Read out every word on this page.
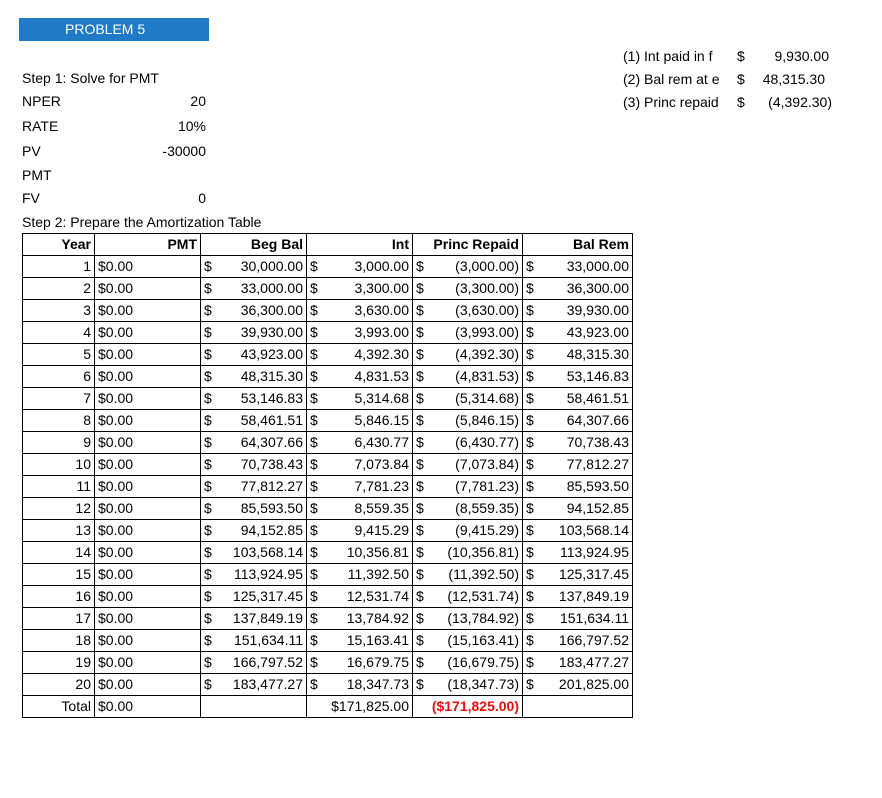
PROBLEM 5
(1) Int paid in f $	9,930.00
(2) Bal rem at e $	48,315.30
(3) Princ repaid $	(4,392.30)
Step 1: Solve for PMT
NPER	20
RATE	10%
PV	-30000
PMT
FV	0
Step 2: Prepare the Amortization Table
Year	PMT	Beg Bal	Int	Princ Repaid	Bal Rem
1	$0.00	$ 30,000.00	$ 3,000.00	$ (3,000.00)	$ 33,000.00

2	$0.00	$ 33,000.00	$ 3,300.00	$ (3,300.00)	$ 36,300.00

3	$0.00	$ 36,300.00	$ 3,630.00	$ (3,630.00)	$ 39,930.00

4	$0.00	$ 39,930.00	$ 3,993.00	$ (3,993.00)	$ 43,923.00

5	$0.00	$ 43,923.00	$ 4,392.30	$ (4,392.30)	$ 48,315.30

6	$0.00	$ 48,315.30	$ 4,831.53	$ (4,831.53)	$ 53,146.83

7	$0.00	$ 53,146.83	$ 5,314.68	$ (5,314.68)	$ 58,461.51

8	$0.00	$ 58,461.51	$ 5,846.15	$ (5,846.15)	$ 64,307.66

9	$0.00	$ 64,307.66	$ 6,430.77	$ (6,430.77)	$ 70,738.43

10	$0.00	$ 70,738.43	$ 7,073.84	$ (7,073.84)	$ 77,812.27

11	$0.00	$ 77,812.27	$ 7,781.23	$ (7,781.23)	$ 85,593.50

12	$0.00	$ 85,593.50	$ 8,559.35	$ (8,559.35)	$ 94,152.85

13	$0.00	$ 94,152.85	$ 9,415.29	$ (9,415.29)	$ 103,568.14

14	$0.00	$ 103,568.14	$ 10,356.81	$ (10,356.81)	$ 113,924.95

15	$0.00	$ 113,924.95	$ 11,392.50	$ (11,392.50)	$ 125,317.45

16	$0.00	$ 125,317.45	$ 12,531.74	$ (12,531.74)	$ 137,849.19

17	$0.00	$ 137,849.19	$ 13,784.92	$ (13,784.92)	$ 151,634.11

18	$0.00	$ 151,634.11	$ 15,163.41	$ (15,163.41)	$ 166,797.52

19	$0.00	$ 166,797.52	$ 16,679.75	$ (16,679.75)	$ 183,477.27

20	$0.00	$ 183,477.27	$ 18,347.73	$ (18,347.73)	$ 201,825.00

Total	$0.00		$171,825.00	($171,825.00)	
